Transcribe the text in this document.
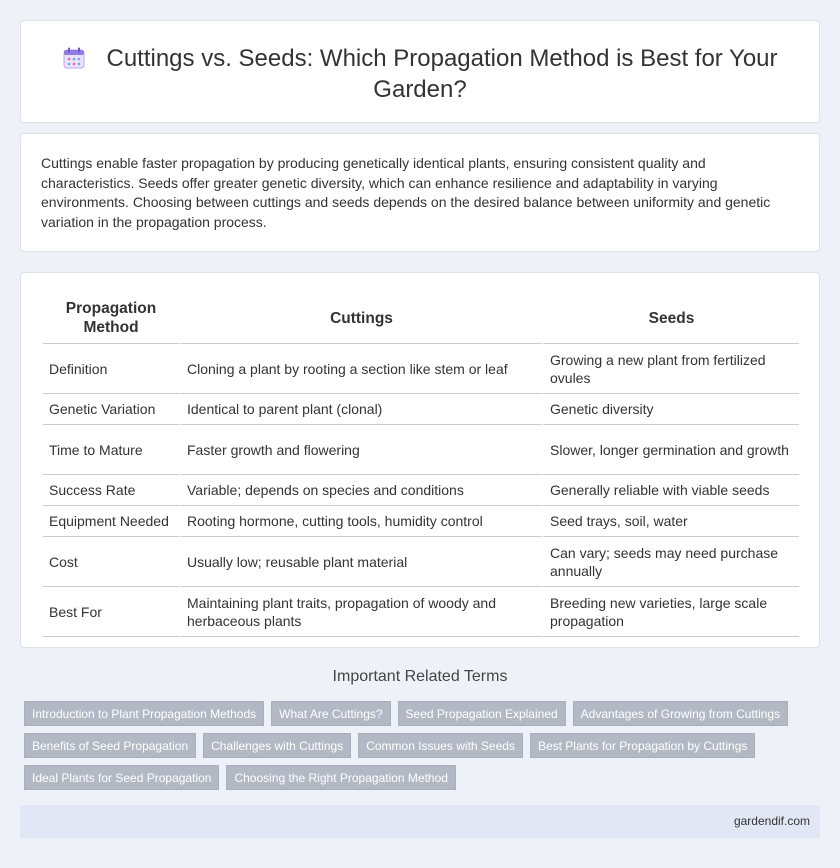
Cuttings vs. Seeds: Which Propagation Method is Best for Your Garden?

Cuttings enable faster propagation by producing genetically identical plants, ensuring consistent quality and characteristics. Seeds offer greater genetic diversity, which can enhance resilience and adaptability in varying environments. Choosing between cuttings and seeds depends on the desired balance between uniformity and genetic variation in the propagation process.

Propagation Method	Cuttings	Seeds
Definition	Cloning a plant by rooting a section like stem or leaf	Growing a new plant from fertilized ovules
Genetic Variation	Identical to parent plant (clonal)	Genetic diversity
Time to Mature	Faster growth and flowering	Slower, longer germination and growth
Success Rate	Variable; depends on species and conditions	Generally reliable with viable seeds
Equipment Needed	Rooting hormone, cutting tools, humidity control	Seed trays, soil, water
Cost	Usually low; reusable plant material	Can vary; seeds may need purchase annually
Best For	Maintaining plant traits, propagation of woody and herbaceous plants	Breeding new varieties, large scale propagation
Important Related Terms
Introduction to Plant Propagation Methods	What Are Cuttings?	Seed Propagation Explained	Advantages of Growing from Cuttings
Benefits of Seed Propagation	Challenges with Cuttings	Common Issues with Seeds	Best Plants for Propagation by Cuttings
Ideal Plants for Seed Propagation	Choosing the Right Propagation Method
gardendif.com
